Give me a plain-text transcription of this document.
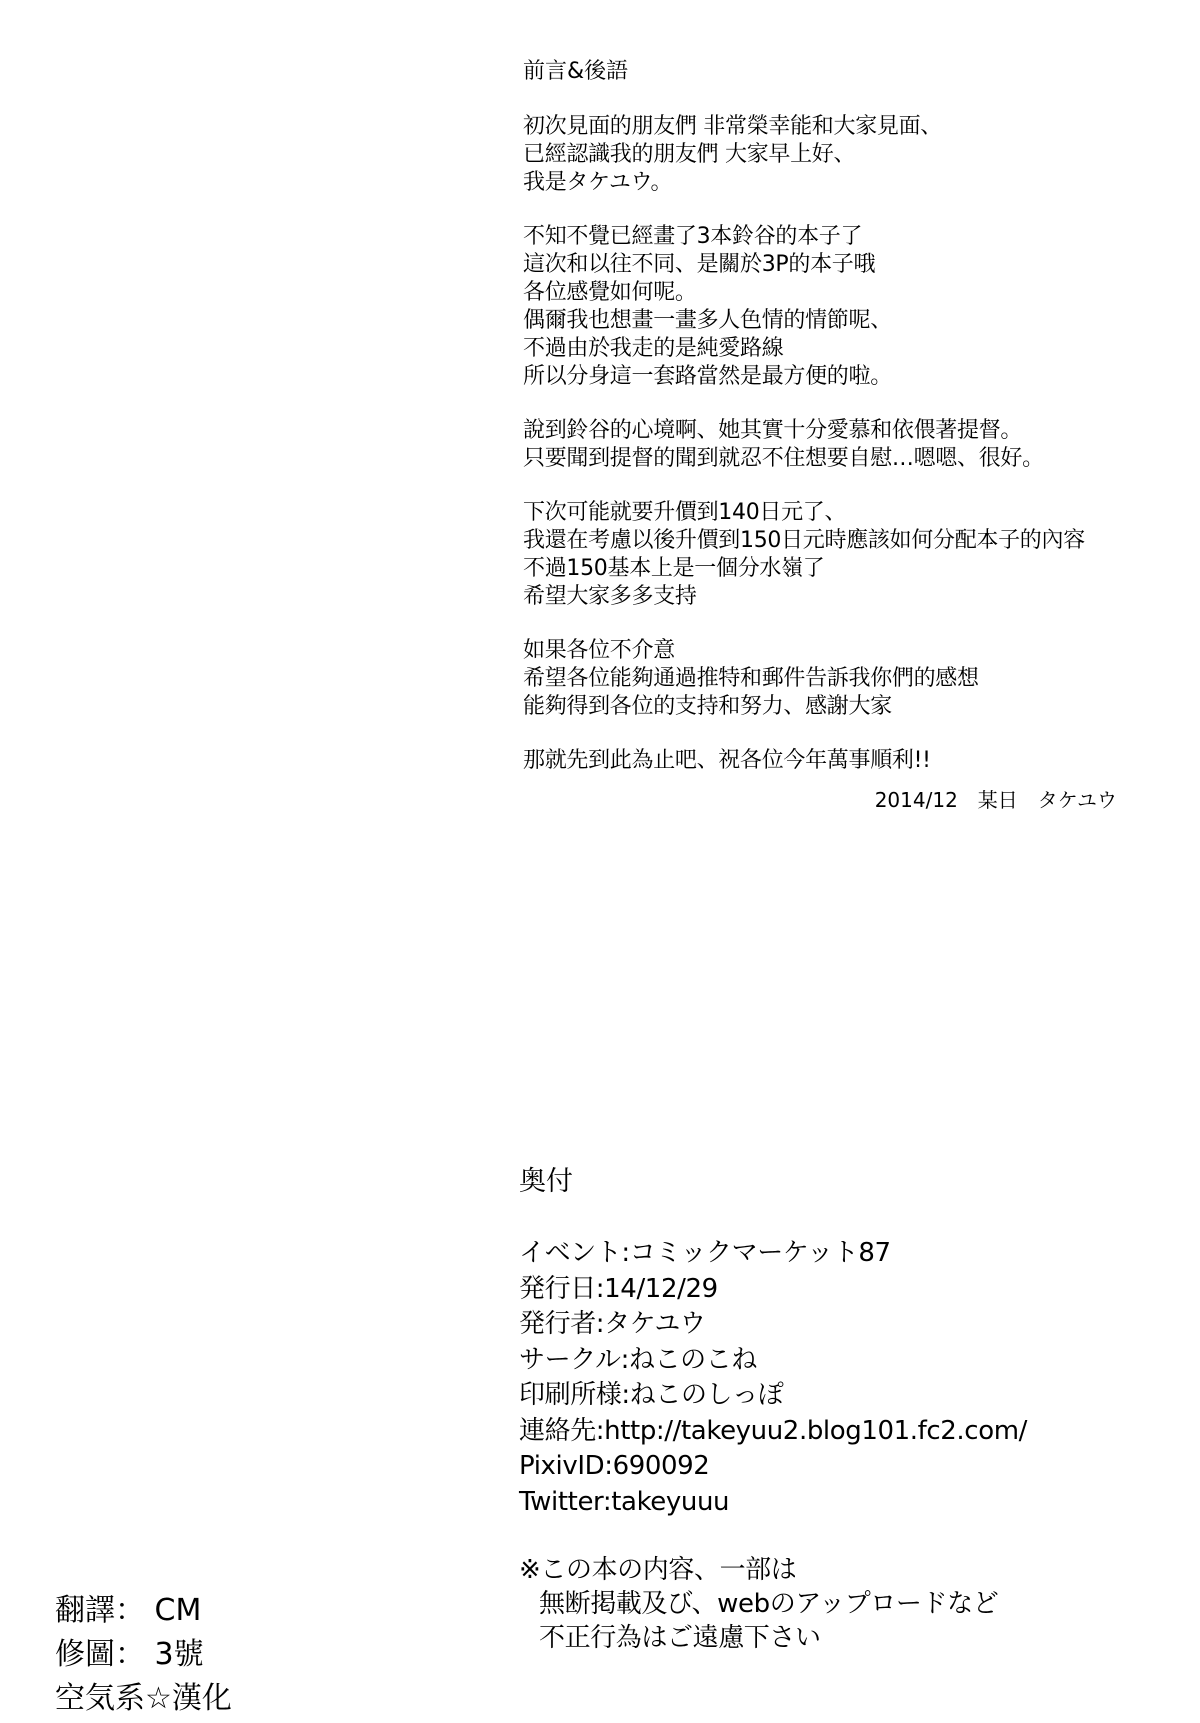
前言&後語
初次見面的朋友們 非常榮幸能和大家見面、
已經認識我的朋友們 大家早上好、
我是タケユウ。
不知不覺已經畫了3本鈴谷的本子了
這次和以往不同、是關於3P的本子哦
各位感覺如何呢。
偶爾我也想畫一畫多人色情的情節呢、
不過由於我走的是純愛路線
所以分身這一套路當然是最方便的啦。
說到鈴谷的心境啊、她其實十分愛慕和依偎著提督。
只要聞到提督的聞到就忍不住想要自慰…嗯嗯、很好。
下次可能就要升價到140日元了、
我還在考慮以後升價到150日元時應該如何分配本子的內容
不過150基本上是一個分水嶺了
希望大家多多支持
如果各位不介意
希望各位能夠通過推特和郵件告訴我你們的感想
能夠得到各位的支持和努力、感謝大家
那就先到此為止吧、祝各位今年萬事順利!!
2014/12　某日　タケユウ
奥付
イベント:コミックマーケット87
発行日:14/12/29
発行者:タケユウ
サークル:ねこのこね
印刷所様:ねこのしっぽ
連絡先:http://takeyuu2.blog101.fc2.com/
PixivID:690092
Twitter:takeyuuu
※この本の内容、一部は
無断掲載及び、webのアップロードなど
不正行為はご遠慮下さい
翻譯： CM
修圖： 3號
空気系☆漢化
